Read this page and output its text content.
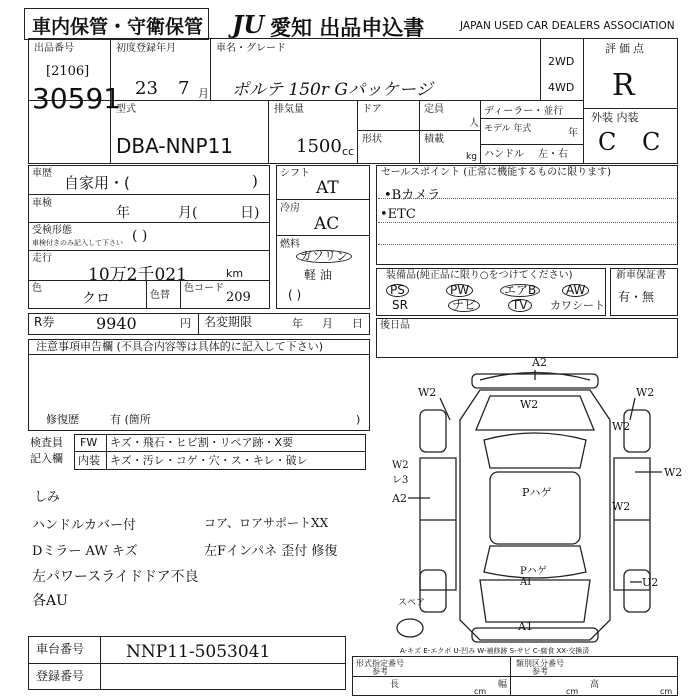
車内保管・守衛保管 JU 愛知 出品申込書	JAPAN USED CAR DEALERS ASSOCIATION
出品番号
[2106]
30591
初度登録年月
23 7 月
車名・グレード
ポルテ 150r Gパッケージ
2WD
4WD
評価点
R
外装 内装
C C
型式
DBA-NNP11
排気量
1500 cc
ドア	定員
人
形状	積載
kg
ディーラー・並行
モデル 年式	年
ハンドル 左・右
車歴
自家用・(	)
車検
年	月(	日)
受検形態
車検付きのみ記入して下さい ( )
走行
10万2千021	km
色
クロ	色替
色コード
209
シフト
AT
冷房
AC
燃料
ガソリン
軽 油
( )
セールスポイント (正常に機能するものに限ります)
•Bカメラ
•ETC
装備品(純正品に限り○をつけてください)
PS	PW	エアB	AW
SR	ナビ	TV	カワシート
新車保証書
有・無
R券	9940	円 名変期限	年 月 日 後日品
注意事項申告欄 (不具合内容等は具体的に記入して下さい)
修復歴	有 (箇所	)
検査員
記入欄
FW キズ・飛石・ヒビ割・リペア跡・X要
内装 キズ・汚レ・コゲ・穴・ス・キレ・破レ
しみ
ハンドルカバー付	コア、ロアサポートXX
Dミラー AW キズ	左Fインパネ 歪付 修復
左パワースライドドア不良
各AU
A2
W2
W2
W2
W2
W2
W2 レ3
A2	Pハゲ
W2
Pハゲ AI	U2
A1
スペア
A-キズ E-エクボ U-凹み W-補修跡 S-サビ C-腐食 XX-交換済
車台番号 NNP11-5053041
登録番号
形式指定番号
参考
類別区分番号
参考
長
cm
幅
cm
高
cm
